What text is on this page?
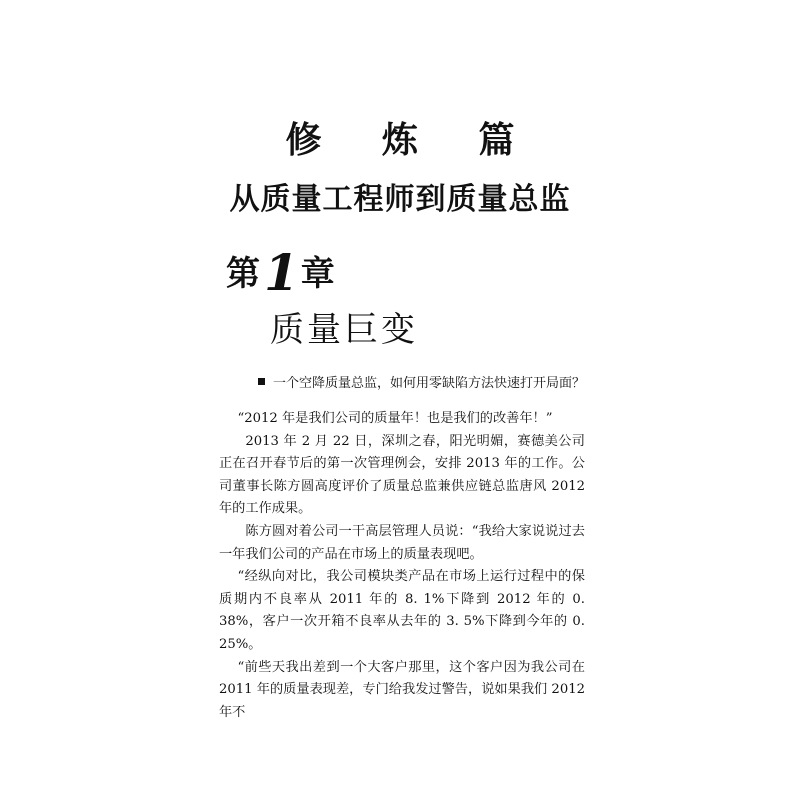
修 炼 篇
从质量工程师到质量总监
第 1 章
质量巨变
一个空降质量总监，如何用零缺陷方法快速打开局面？

“2012 年是我们公司的质量年！也是我们的改善年！”

2013 年 2 月 22 日，深圳之春，阳光明媚，赛德美公司正在召开春节后的第一次管理例会，安排 2013 年的工作。公司董事长陈方圆高度评价了质量总监兼供应链总监唐风 2012 年的工作成果。

陈方圆对着公司一干高层管理人员说：“我给大家说说过去一年我们公司的产品在市场上的质量表现吧。

“经纵向对比，我公司模块类产品在市场上运行过程中的保质期内不良率从 2011 年的 8. 1%下降到 2012 年的 0. 38%，客户一次开箱不良率从去年的 3. 5%下降到今年的 0. 25%。

“前些天我出差到一个大客户那里，这个客户因为我公司在 2011 年的质量表现差，专门给我发过警告，说如果我们 2012 年不
